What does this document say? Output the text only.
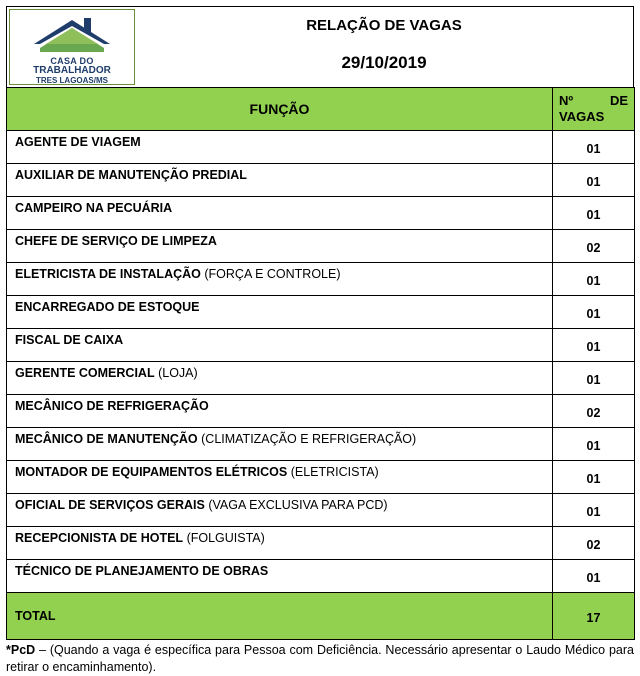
CASA DO
TRABALHADOR
TRES LAGOAS/MS
RELAÇÃO DE VAGAS
29/10/2019
FUNÇÃO	Nº DE
VAGAS

AGENTE DE VIAGEM	01
AUXILIAR DE MANUTENÇÃO PREDIAL	01
CAMPEIRO NA PECUÁRIA	01
CHEFE DE SERVIÇO DE LIMPEZA	02
ELETRICISTA DE INSTALAÇÃO (FORÇA E CONTROLE)	01
ENCARREGADO DE ESTOQUE	01
FISCAL DE CAIXA	01
GERENTE COMERCIAL (LOJA)	01
MECÂNICO DE REFRIGERAÇÃO	02
MECÂNICO DE MANUTENÇÃO (CLIMATIZAÇÃO E REFRIGERAÇÃO)	01
MONTADOR DE EQUIPAMENTOS ELÉTRICOS (ELETRICISTA)	01
OFICIAL DE SERVIÇOS GERAIS (VAGA EXCLUSIVA PARA PCD)	01
RECEPCIONISTA DE HOTEL (FOLGUISTA)	02
TÉCNICO DE PLANEJAMENTO DE OBRAS	01
TOTAL	17
*PcD – (Quando a vaga é específica para Pessoa com Deficiência. Necessário apresentar o Laudo Médico para retirar o encaminhamento).
